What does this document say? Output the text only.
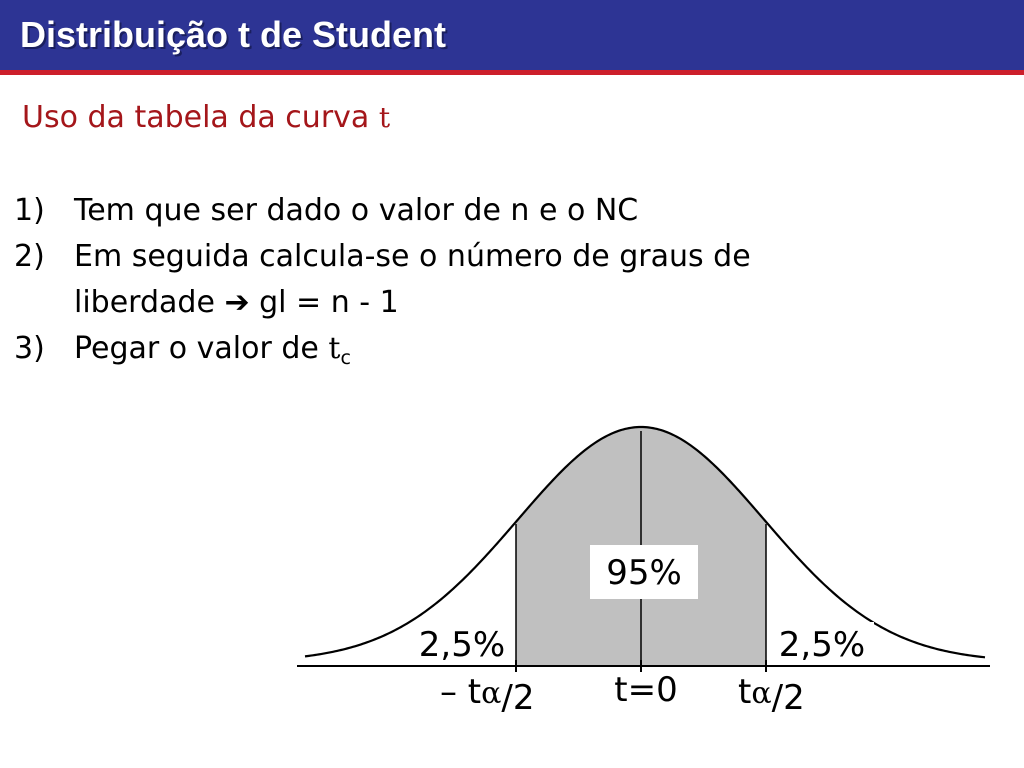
Distribuição t de Student
Uso da tabela da curva t
1) Tem que ser dado o valor de n e o NC
2) Em seguida calcula-se o número de graus de
liberdade ➔ gl = n - 1
3) Pegar o valor de $t_c$
95%
2,5%	2,5%
– tα/2 t=0 tα/2
